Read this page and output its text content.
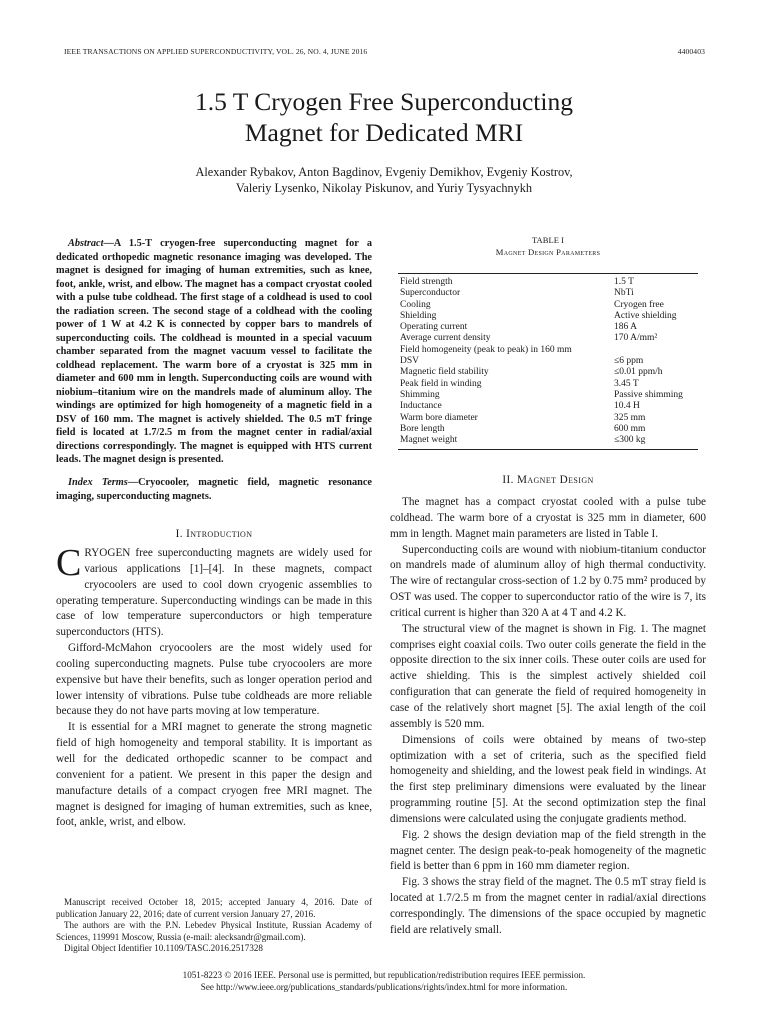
IEEE TRANSACTIONS ON APPLIED SUPERCONDUCTIVITY, VOL. 26, NO. 4, JUNE 2016	4400403
1.5 T Cryogen Free Superconducting
Magnet for Dedicated MRI
Alexander Rybakov, Anton Bagdinov, Evgeniy Demikhov, Evgeniy Kostrov,
Valeriy Lysenko, Nikolay Piskunov, and Yuriy Tysyachnykh

Abstract—A 1.5-T cryogen-free superconducting magnet for a dedicated orthopedic magnetic resonance imaging was developed. The magnet is designed for imaging of human extremities, such as knee, foot, ankle, wrist, and elbow. The magnet has a compact cryostat cooled with a pulse tube coldhead. The first stage of a coldhead is used to cool the radiation screen. The second stage of a coldhead with the cooling power of 1 W at 4.2 K is connected by copper bars to mandrels of superconducting coils. The coldhead is mounted in a special vacuum chamber separated from the magnet vacuum vessel to facilitate the coldhead replacement. The warm bore of a cryostat is 325 mm in diameter and 600 mm in length. Superconducting coils are wound with niobium–titanium wire on the mandrels made of aluminum alloy. The windings are optimized for high homogeneity of a magnetic field in a DSV of 160 mm. The magnet is actively shielded. The 0.5 mT fringe field is located at 1.7/2.5 m from the magnet center in radial/axial directions correspondingly. The magnet is equipped with HTS current leads. The magnet design is presented.

Index Terms—Cryocooler, magnetic field, magnetic resonance imaging, superconducting magnets.

I. Introduction

CRYOGEN free superconducting magnets are widely used for various applications [1]–[4]. In these magnets, compact cryocoolers are used to cool down cryogenic assemblies to operating temperature. Superconducting windings can be made in this case of low temperature superconductors or high temperature superconductors (HTS).

Gifford-McMahon cryocoolers are the most widely used for cooling superconducting magnets. Pulse tube cryocoolers are more expensive but have their benefits, such as longer operation period and lower intensity of vibrations. Pulse tube coldheads are more reliable because they do not have parts moving at low temperature.

It is essential for a MRI magnet to generate the strong magnetic field of high homogeneity and temporal stability. It is important as well for the dedicated orthopedic scanner to be compact and convenient for a patient. We present in this paper the design and manufacture details of a compact cryogen free MRI magnet. The magnet is designed for imaging of human extremities, such as knee, foot, ankle, wrist, and elbow.

Manuscript received October 18, 2015; accepted January 4, 2016. Date of publication January 22, 2016; date of current version January 27, 2016.

The authors are with the P.N. Lebedev Physical Institute, Russian Academy of Sciences, 119991 Moscow, Russia (e-mail: alecksandr@gmail.com).

Digital Object Identifier 10.1109/TASC.2016.2517328

TABLE I
Magnet Design Parameters
Field strength	1.5 T
Superconductor	NbTi
Cooling	Cryogen free
Shielding	Active shielding
Operating current	186 A
Average current density	170 A/mm²
Field homogeneity (peak to peak) in 160 mm	
DSV	≤6 ppm
Magnetic field stability	≤0.01 ppm/h
Peak field in winding	3.45 T
Shimming	Passive shimming
Inductance	10.4 H
Warm bore diameter	325 mm
Bore length	600 mm
Magnet weight	≤300 kg
II. Magnet Design

The magnet has a compact cryostat cooled with a pulse tube coldhead. The warm bore of a cryostat is 325 mm in diameter, 600 mm in length. Magnet main parameters are listed in Table I.

Superconducting coils are wound with niobium-titanium conductor on mandrels made of aluminum alloy of high thermal conductivity. The wire of rectangular cross-section of 1.2 by 0.75 mm² produced by OST was used. The copper to superconductor ratio of the wire is 7, its critical current is higher than 320 A at 4 T and 4.2 K.

The structural view of the magnet is shown in Fig. 1. The magnet comprises eight coaxial coils. Two outer coils generate the field in the opposite direction to the six inner coils. These outer coils are used for active shielding. This is the simplest actively shielded coil configuration that can generate the field of required homogeneity in case of the relatively short magnet [5]. The axial length of the coil assembly is 520 mm.

Dimensions of coils were obtained by means of two-step optimization with a set of criteria, such as the specified field homogeneity and shielding, and the lowest peak field in windings. At the first step preliminary dimensions were evaluated by the linear programming routine [5]. At the second optimization step the final dimensions were calculated using the conjugate gradients method.

Fig. 2 shows the design deviation map of the field strength in the magnet center. The design peak-to-peak homogeneity of the magnetic field is better than 6 ppm in 160 mm diameter region.

Fig. 3 shows the stray field of the magnet. The 0.5 mT stray field is located at 1.7/2.5 m from the magnet center in radial/axial directions correspondingly. The dimensions of the space occupied by magnetic field are relatively small.

1051-8223 © 2016 IEEE. Personal use is permitted, but republication/redistribution requires IEEE permission.
See http://www.ieee.org/publications_standards/publications/rights/index.html for more information.
